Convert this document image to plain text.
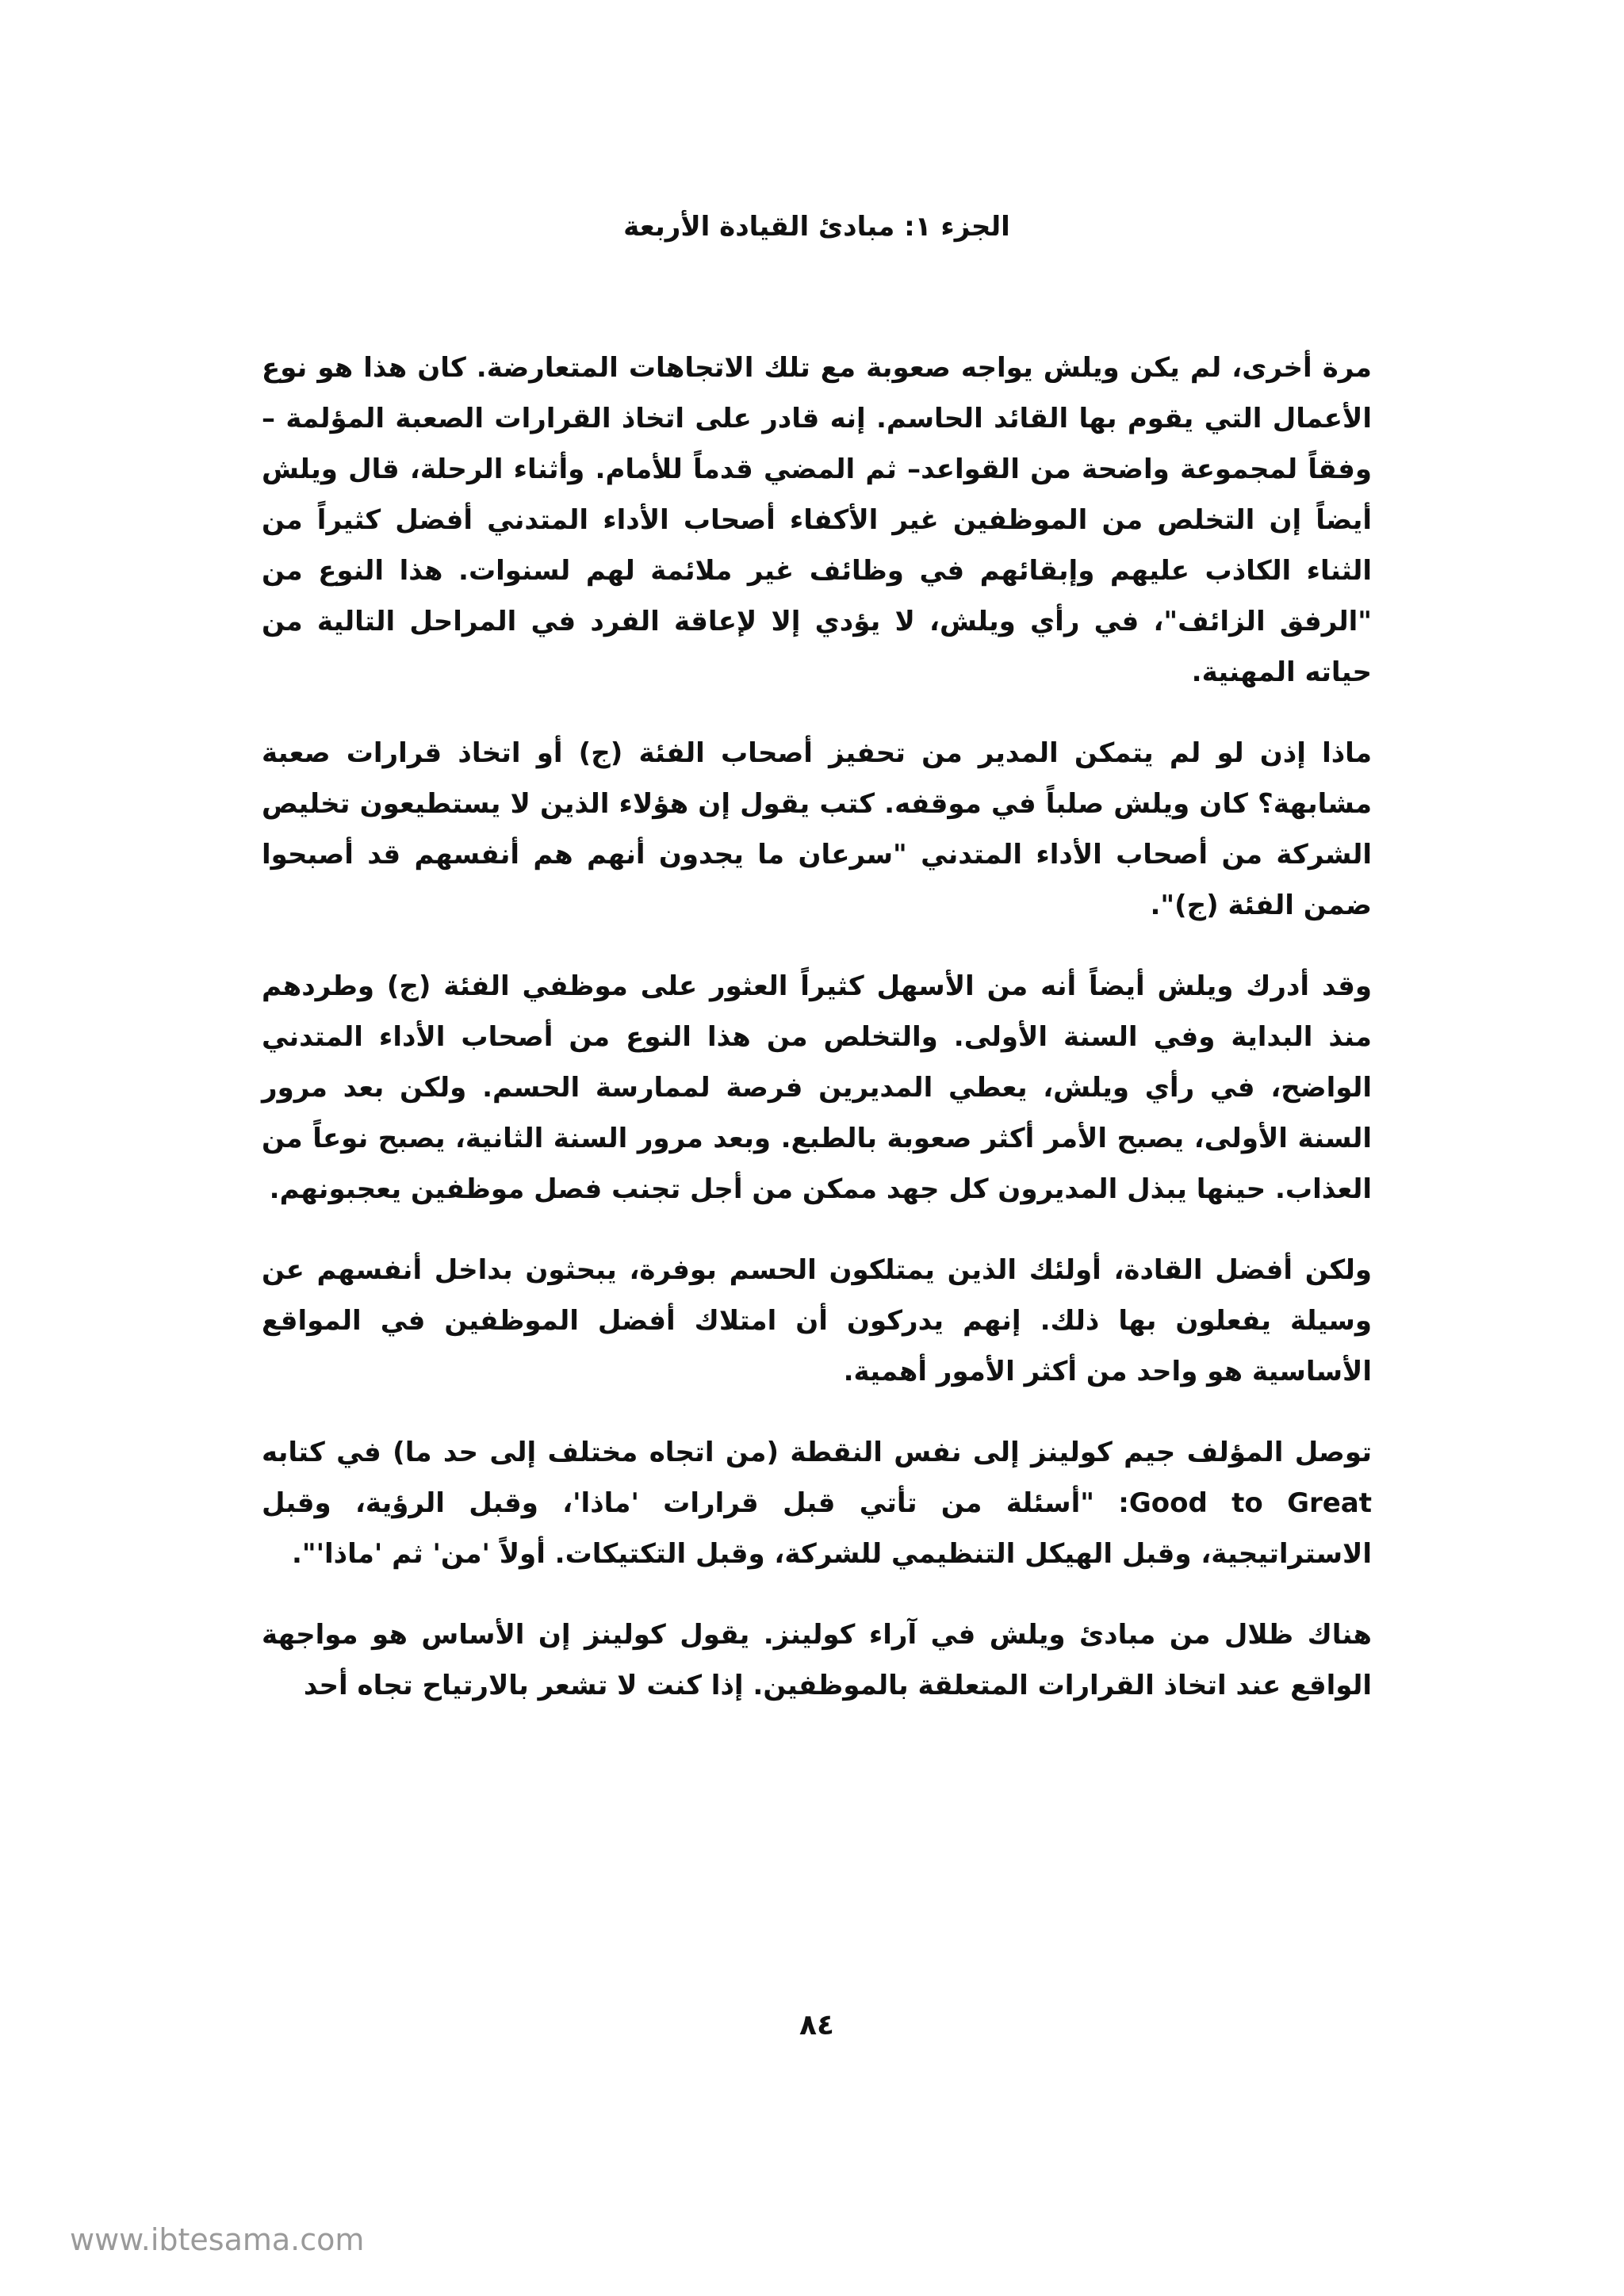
الجزء ١: مبادئ القيادة الأربعة

مرة أخرى، لم يكن ويلش يواجه صعوبة مع تلك الاتجاهات المتعارضة. كان هذا هو نوع الأعمال التي يقوم بها القائد الحاسم. إنه قادر على اتخاذ القرارات الصعبة المؤلمة –وفقاً لمجموعة واضحة من القواعد– ثم المضي قدماً للأمام. وأثناء الرحلة، قال ويلش أيضاً إن التخلص من الموظفين غير الأكفاء أصحاب الأداء المتدني أفضل كثيراً من الثناء الكاذب عليهم وإبقائهم في وظائف غير ملائمة لهم لسنوات. هذا النوع من "الرفق الزائف"، في رأي ويلش، لا يؤدي إلا لإعاقة الفرد في المراحل التالية من حياته المهنية.

ماذا إذن لو لم يتمكن المدير من تحفيز أصحاب الفئة (ج) أو اتخاذ قرارات صعبة مشابهة؟ كان ويلش صلباً في موقفه. كتب يقول إن هؤلاء الذين لا يستطيعون تخليص الشركة من أصحاب الأداء المتدني "سرعان ما يجدون أنهم هم أنفسهم قد أصبحوا ضمن الفئة (ج)".

وقد أدرك ويلش أيضاً أنه من الأسهل كثيراً العثور على موظفي الفئة (ج) وطردهم منذ البداية وفي السنة الأولى. والتخلص من هذا النوع من أصحاب الأداء المتدني الواضح، في رأي ويلش، يعطي المديرين فرصة لممارسة الحسم. ولكن بعد مرور السنة الأولى، يصبح الأمر أكثر صعوبة بالطبع. وبعد مرور السنة الثانية، يصبح نوعاً من العذاب. حينها يبذل المديرون كل جهد ممكن من أجل تجنب فصل موظفين يعجبونهم.

ولكن أفضل القادة، أولئك الذين يمتلكون الحسم بوفرة، يبحثون بداخل أنفسهم عن وسيلة يفعلون بها ذلك. إنهم يدركون أن امتلاك أفضل الموظفين في المواقع الأساسية هو واحد من أكثر الأمور أهمية.

توصل المؤلف جيم كولينز إلى نفس النقطة (من اتجاه مختلف إلى حد ما) في كتابه Good to Great: "أسئلة من تأتي قبل قرارات 'ماذا'، وقبل الرؤية، وقبل الاستراتيجية، وقبل الهيكل التنظيمي للشركة، وقبل التكتيكات. أولاً 'من' ثم 'ماذا'".

هناك ظلال من مبادئ ويلش في آراء كولينز. يقول كولينز إن الأساس هو مواجهة الواقع عند اتخاذ القرارات المتعلقة بالموظفين. إذا كنت لا تشعر بالارتياح تجاه أحد

٨٤
www.ibtesama.com
